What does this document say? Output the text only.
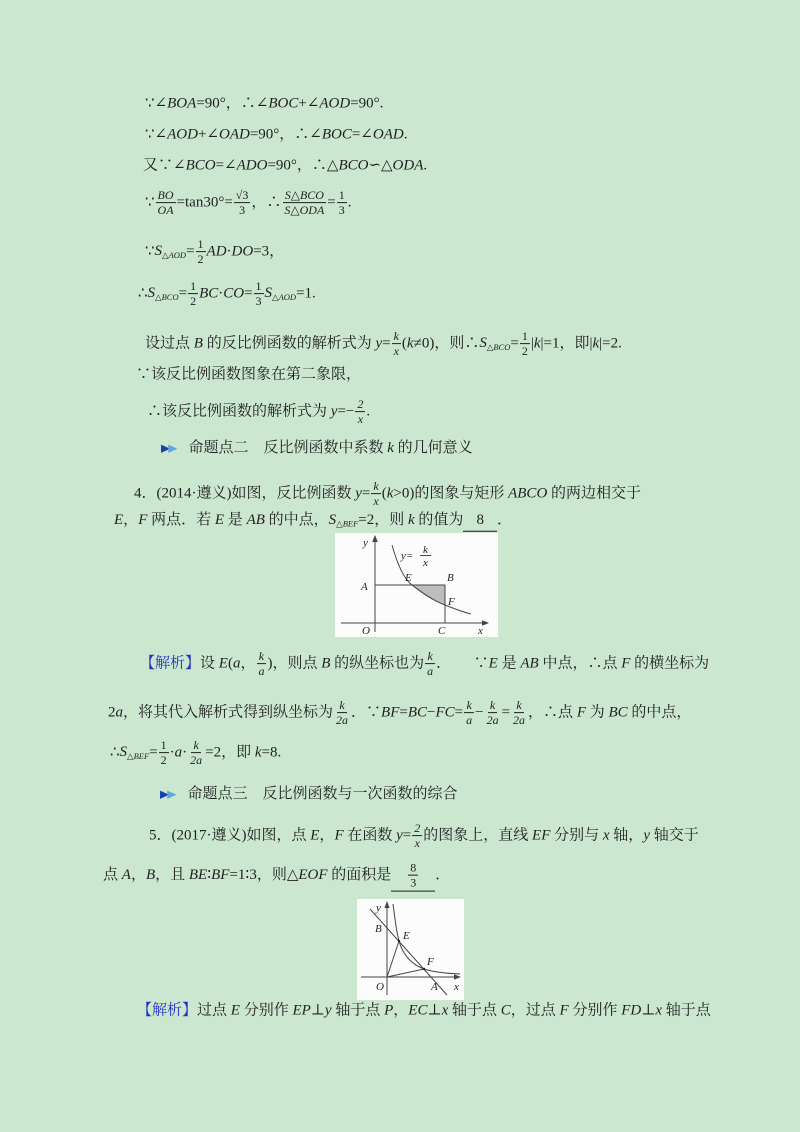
∵∠BOA=90°，∴∠BOC+∠AOD=90°.
∵∠AOD+∠OAD=90°，∴∠BOC=∠OAD.
又∵∠BCO=∠ADO=90°，∴△BCO∽△ODA.
∵ $\frac{BO}{OA} =\tan 30^\circ= \frac{√3}{3}$ ，∴ $\frac{\text{S△BCO}}{\text{S△ODA}} = \frac{1}{3}$ .
$\because S_{\triangle AOD}= \frac{1}{2} AD\cdot DO=3$，
$\therefore S_{\triangle BCO}= \frac{1}{2} BC\cdot CO= \frac{1}{3} S_{\triangle AOD}=1$.
设过点 B 的反比例函数的解析式为 $y= \frac{k}{x} (k\ne 0)$，则$\therefore S_{\triangle BCO}= \frac{1}{2} |k|=1$，即|k|=2.
∵该反比例函数图象在第二象限，
∴该反比例函数的解析式为 $y=- \frac{2}{x}$ .

▶▶ 命题点二　反比例函数中系数 k 的几何意义

4．(2014·遵义)如图，反比例函数 $y= \frac{k}{x} (k>0)$的图象与矩形 ABCO 的两边相交于
E，F 两点．若 E 是 AB 的中点，$S_{\triangle BEF}=2$，则 k 的值为 8 ．
y
x
O
A
B
C
E
F
y= k
x
【解析】设 E(a， $\frac{k}{a}$ )，则点 B 的纵坐标也为 $\frac{k}{a}$ ．　　∵E 是 AB 中点，∴点 F 的横坐标为
2a，将其代入解析式得到纵坐标为 $\frac{k}{2a}$ ．∵BF=BC−FC= $\frac{k}{a} - \frac{k}{2a} = \frac{k}{2a}$ ，∴点 F 为 BC 的中点，
$\therefore S_{\triangle BEF}= \frac{1}{2} \cdot a\cdot \frac{k}{2a} =2$，即 k=8.

▶▶ 命题点三　反比例函数与一次函数的综合

5．(2017·遵义)如图，点 E，F 在函数 $y= \frac{2}{x}$ 的图象上，直线 EF 分别与 x 轴，y 轴交于
点 A，B，且 BE∶BF=1∶3，则△EOF 的面积是 $\frac{8}{3}$ ．
y
B
E
F
O	A x
【解析】过点 E 分别作 EP⊥y 轴于点 P，EC⊥x 轴于点 C，过点 F 分别作 FD⊥x 轴于点
